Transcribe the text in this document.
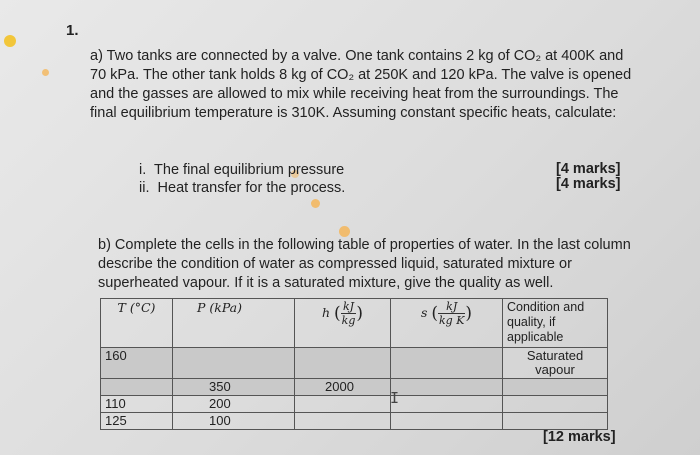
1.
a) Two tanks are connected by a valve. One tank contains 2 kg of CO₂ at 400K and 70 kPa. The other tank holds 8 kg of CO₂ at 250K and 120 kPa. The valve is opened and the gasses are allowed to mix while receiving heat from the surroundings. The final equilibrium temperature is 310K. Assuming constant specific heats, calculate:
i. The final equilibrium pressure	[4 marks]
ii. Heat transfer for the process.	[4 marks]
b) Complete the cells in the following table of properties of water. In the last column describe the condition of water as compressed liquid, saturated mixture or superheated vapour. If it is a saturated mixture, give the quality as well.
T (°C)	P (kPa)	h ( $\frac{kJ}{kg}$ )	s ( $\frac{kJ}{\text{kg K}}$ )	Condition and quality, if applicable
160				Saturated vapour
	350	2000		
110	200			
125	100			
I
[12 marks]
